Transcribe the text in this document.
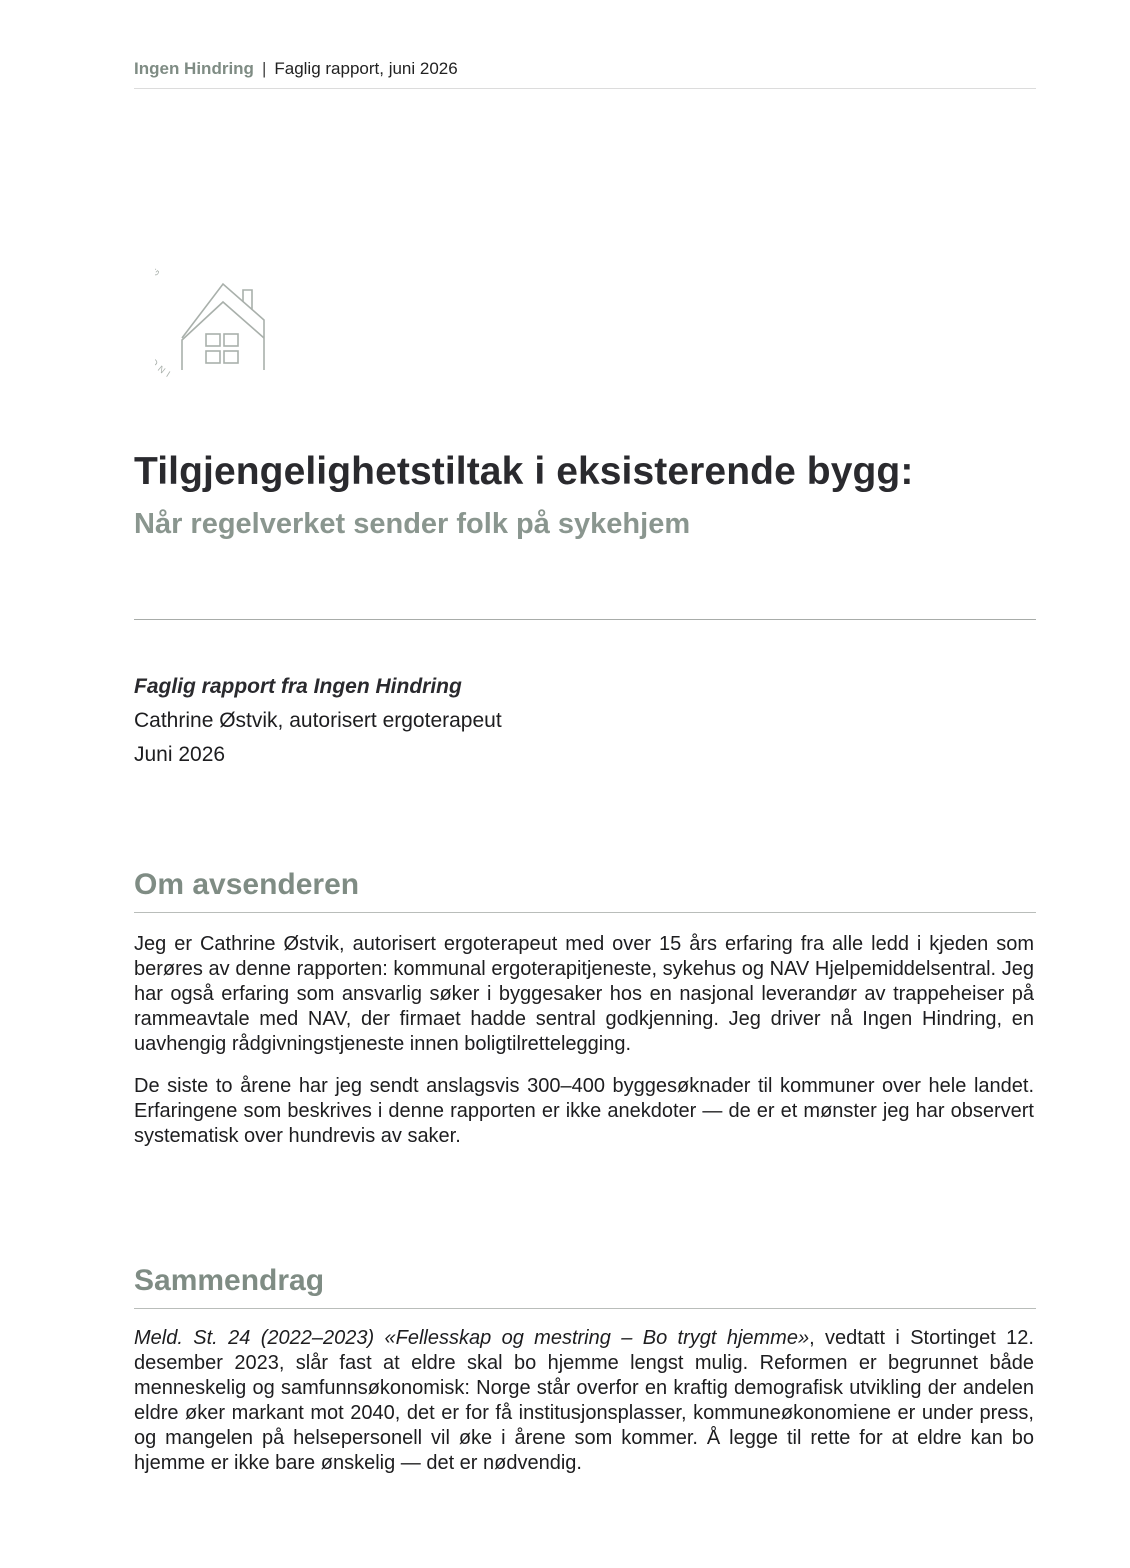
Ingen Hindring | Faglig rapport, juni 2026
I
Tilgjengelighetstiltak i eksisterende bygg:
Når regelverket sender folk på sykehjem
Faglig rapport fra Ingen Hindring
Cathrine Østvik, autorisert ergoterapeut
Juni 2026
Om avsenderen

Jeg er Cathrine Østvik, autorisert ergoterapeut med over 15 års erfaring fra alle ledd i kjeden som berøres av denne rapporten: kommunal ergoterapitjeneste, sykehus og NAV Hjelpemiddelsentral. Jeg har også erfaring som ansvarlig søker i byggesaker hos en nasjonal leverandør av trappeheiser på rammeavtale med NAV, der firmaet hadde sentral godkjenning. Jeg driver nå Ingen Hindring, en uavhengig rådgivningstjeneste innen boligtilrettelegging.

De siste to årene har jeg sendt anslagsvis 300–400 byggesøknader til kommuner over hele landet. Erfaringene som beskrives i denne rapporten er ikke anekdoter — de er et mønster jeg har observert systematisk over hundrevis av saker.

Sammendrag

Meld. St. 24 (2022–2023) «Fellesskap og mestring – Bo trygt hjemme», vedtatt i Stortinget 12. desember 2023, slår fast at eldre skal bo hjemme lengst mulig. Reformen er begrunnet både menneskelig og samfunnsøkonomisk: Norge står overfor en kraftig demografisk utvikling der andelen eldre øker markant mot 2040, det er for få institusjonsplasser, kommuneøkonomiene er under press, og mangelen på helsepersonell vil øke i årene som kommer. Å legge til rette for at eldre kan bo hjemme er ikke bare ønskelig — det er nødvendig.
